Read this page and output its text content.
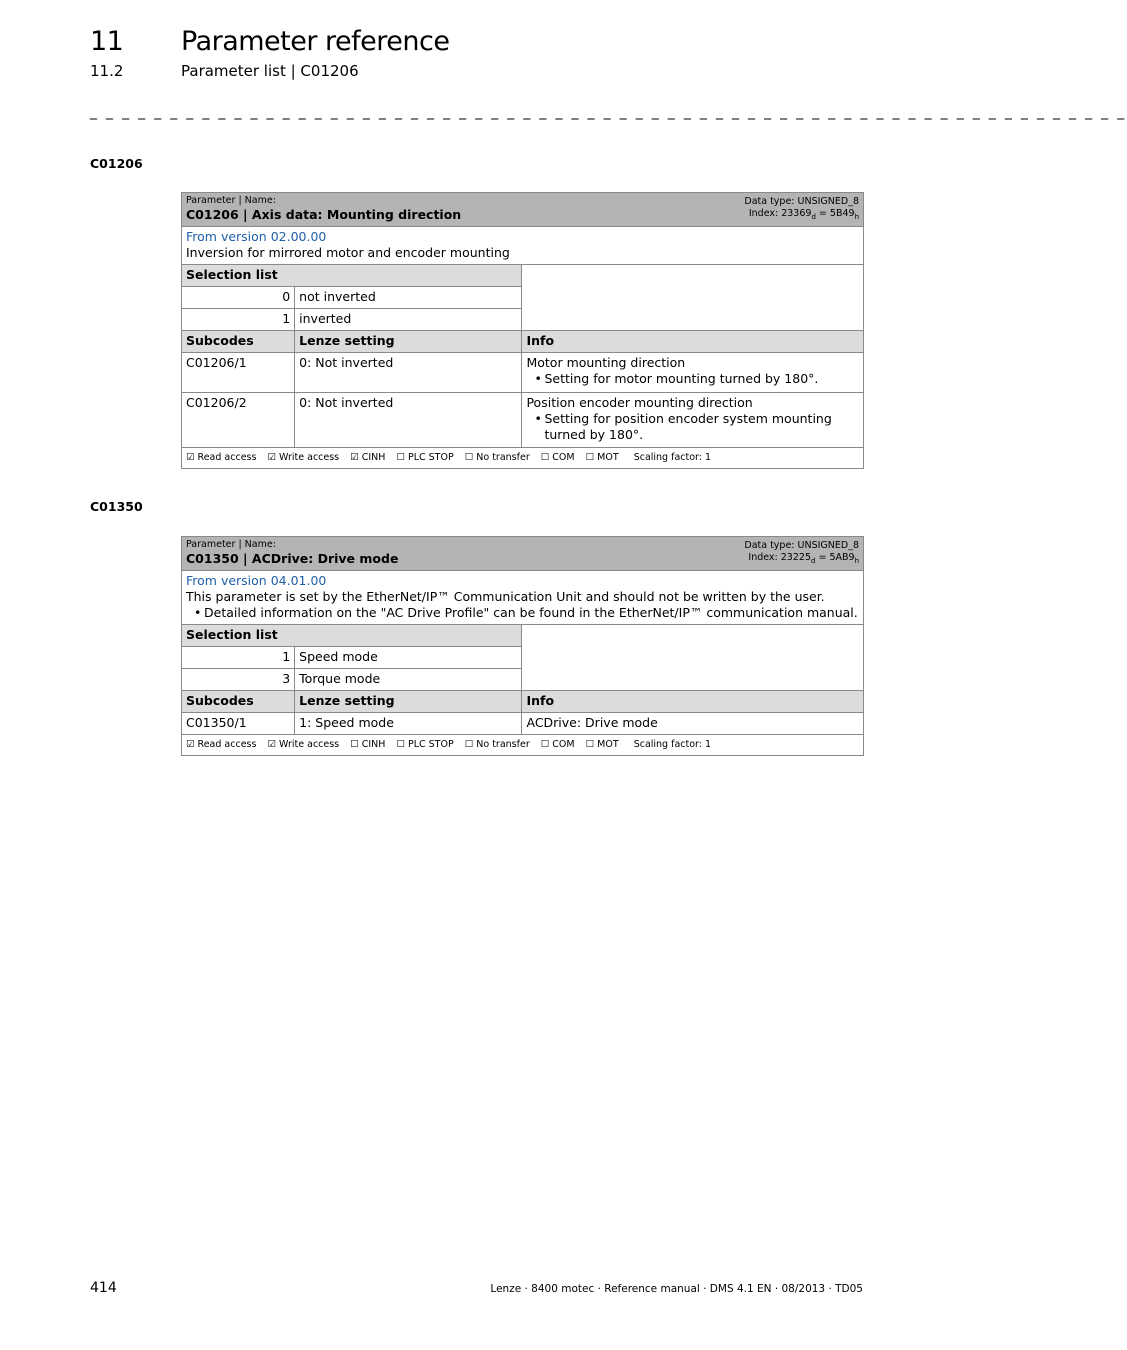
11 Parameter reference
11.2	Parameter list | C01206
_ _ _ _ _ _ _ _ _ _ _ _ _ _ _ _ _ _ _ _ _ _ _ _ _ _ _ _ _ _ _ _ _ _ _ _ _ _ _ _ _ _ _ _ _ _ _ _ _ _ _ _ _ _ _ _ _ _ _ _ _ _ _ _ _
C01206
Parameter | Name:
C01206 | Axis data: Mounting direction
Data type: UNSIGNED_8
Index: $23369_d = 5B49_h$

From version 02.00.00
Inversion for mirrored motor and encoder mounting		

Selection list		
0	not inverted	
1	inverted	
Subcodes	Lenze setting	Info
C01206/1	0: Not inverted	Motor mounting direction
• Setting for motor mounting turned by 180°.

C01206/2	0: Not inverted	Position encoder mounting direction
• Setting for position encoder system mounting turned by 180°.

☑ Read access ☑ Write access ☑ CINH ☐ PLC STOP ☐ No transfer ☐ COM ☐ MOT Scaling factor: 1		
C01350
Parameter | Name:
C01350 | ACDrive: Drive mode
Data type: UNSIGNED_8
Index: $23225_d = 5AB9_h$

From version 04.01.00
This parameter is set by the EtherNet/IP™ Communication Unit and should not be written by the user.
• Detailed information on the "AC Drive Profile" can be found in the EtherNet/IP™ communication manual.		

Selection list		
1	Speed mode	
3	Torque mode	
Subcodes	Lenze setting	Info
C01350/1	1: Speed mode	ACDrive: Drive mode
☑ Read access ☑ Write access ☐ CINH ☐ PLC STOP ☐ No transfer ☐ COM ☐ MOT Scaling factor: 1		
414	Lenze · 8400 motec · Reference manual · DMS 4.1 EN · 08/2013 · TD05
